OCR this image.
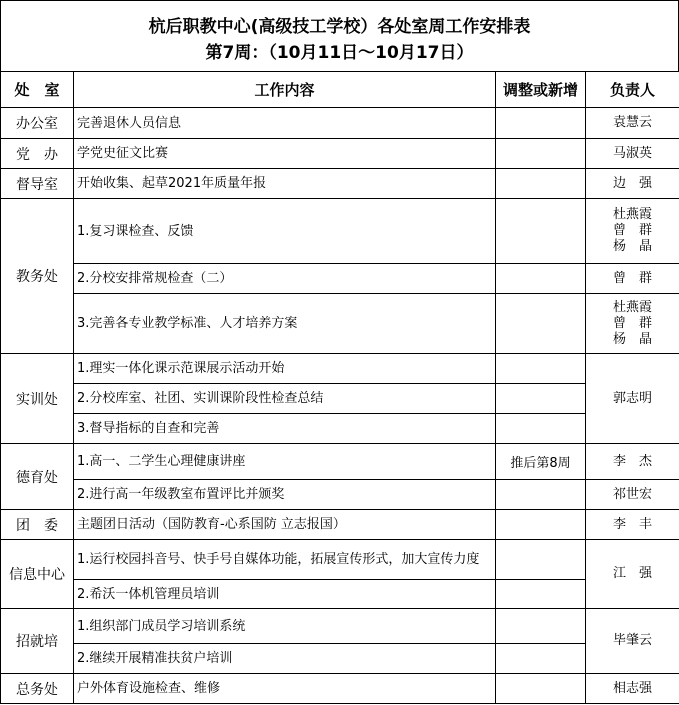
杭后职教中心(高级技工学校）各处室周工作安排表
第7周：（10月11日～10月17日）
处　室	工作内容	调整或新增	负责人
办公室	完善退休人员信息		袁慧云
党　办	学党史征文比赛		马淑英
督导室	开始收集、起草2021年质量年报		边　强
教务处	1.复习课检查、反馈		杜燕霞
曾　群
杨　晶
	2.分校安排常规检查（二）		曾　群
	3.完善各专业教学标准、人才培养方案		杜燕霞
曾　群
杨　晶
实训处	1.理实一体化课示范课展示活动开始		郭志明
	2.分校库室、社团、实训课阶段性检查总结		
	3.督导指标的自查和完善		
德育处	1.高一、二学生心理健康讲座	推后第8周	李　杰
	2.进行高一年级教室布置评比并颁奖		祁世宏
团　委	主题团日活动（国防教育-心系国防 立志报国）		李　丰
信息中心	1.运行校园抖音号、快手号自媒体功能，拓展宣传形式，加大宣传力度		江　强
	2.希沃一体机管理员培训		
招就培	1.组织部门成员学习培训系统		毕肇云
	2.继续开展精准扶贫户培训		
总务处	户外体育设施检查、维修		相志强
